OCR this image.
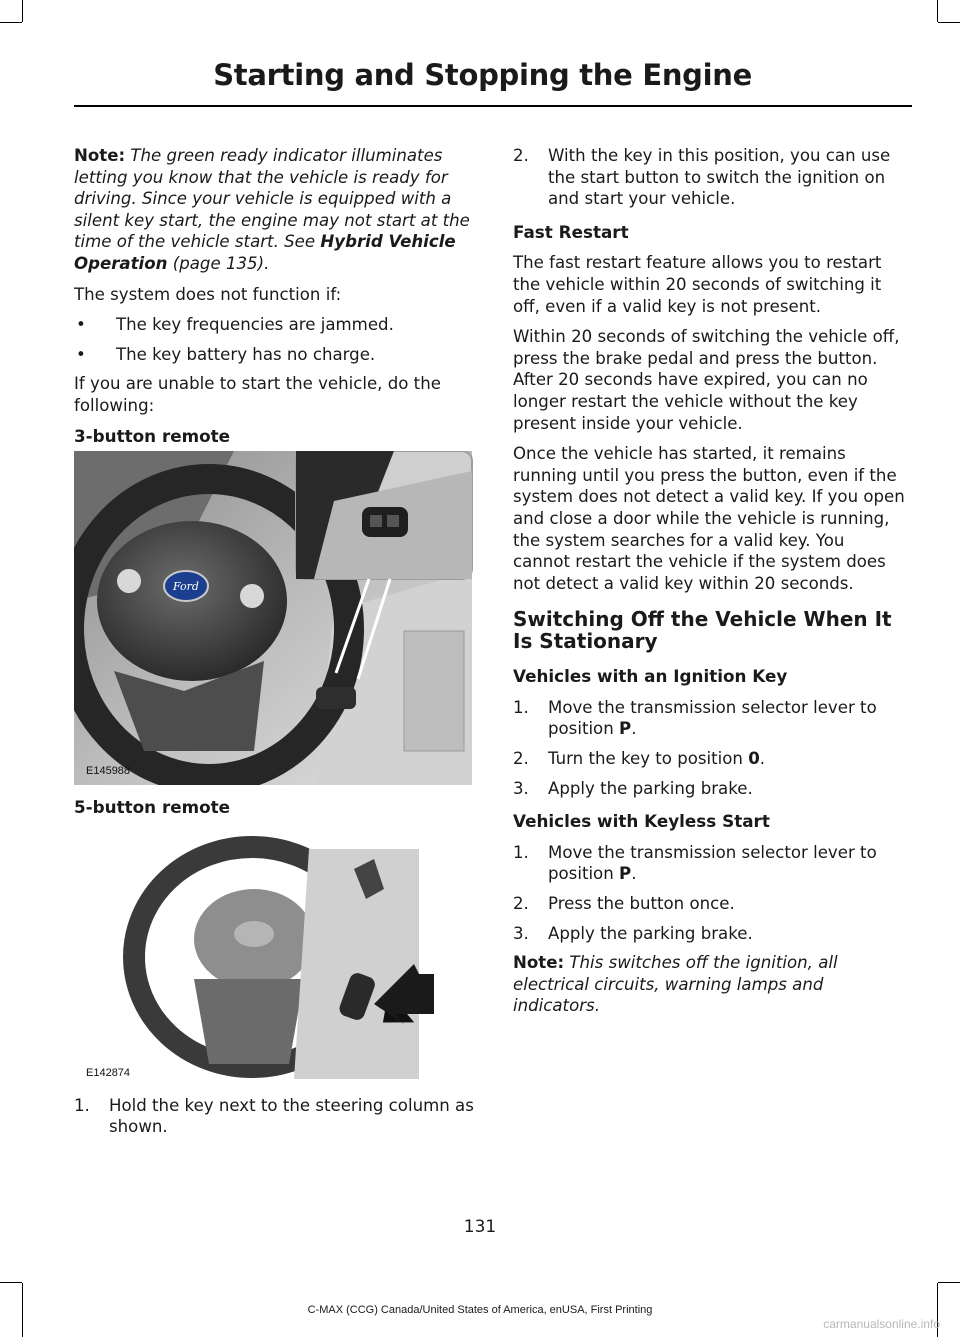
Starting and Stopping the Engine

Note: The green ready indicator illuminates letting you know that the vehicle is ready for driving. Since your vehicle is equipped with a silent key start, the engine may not start at the time of the vehicle start. See Hybrid Vehicle Operation (page 135).

The system does not function if:

• The key frequencies are jammed.
• The key battery has no charge.

If you are unable to start the vehicle, do the following:

3-button remote
Ford
E145988
5-button remote
E142874
1. Hold the key next to the steering column as shown.
2. With the key in this position, you can use the start button to switch the ignition on and start your vehicle.
Fast Restart

The fast restart feature allows you to restart the vehicle within 20 seconds of switching it off, even if a valid key is not present.

Within 20 seconds of switching the vehicle off, press the brake pedal and press the button. After 20 seconds have expired, you can no longer restart the vehicle without the key present inside your vehicle.

Once the vehicle has started, it remains running until you press the button, even if the system does not detect a valid key. If you open and close a door while the vehicle is running, the system searches for a valid key. You cannot restart the vehicle if the system does not detect a valid key within 20 seconds.

Switching Off the Vehicle When It Is Stationary
Vehicles with an Ignition Key
1. Move the transmission selector lever to position P.
2. Turn the key to position 0.
3. Apply the parking brake.
Vehicles with Keyless Start
1. Move the transmission selector lever to position P.
2. Press the button once.
3. Apply the parking brake.

Note: This switches off the ignition, all electrical circuits, warning lamps and indicators.

131
C-MAX (CCG) Canada/United States of America, enUSA, First Printing
carmanualsonline.info
